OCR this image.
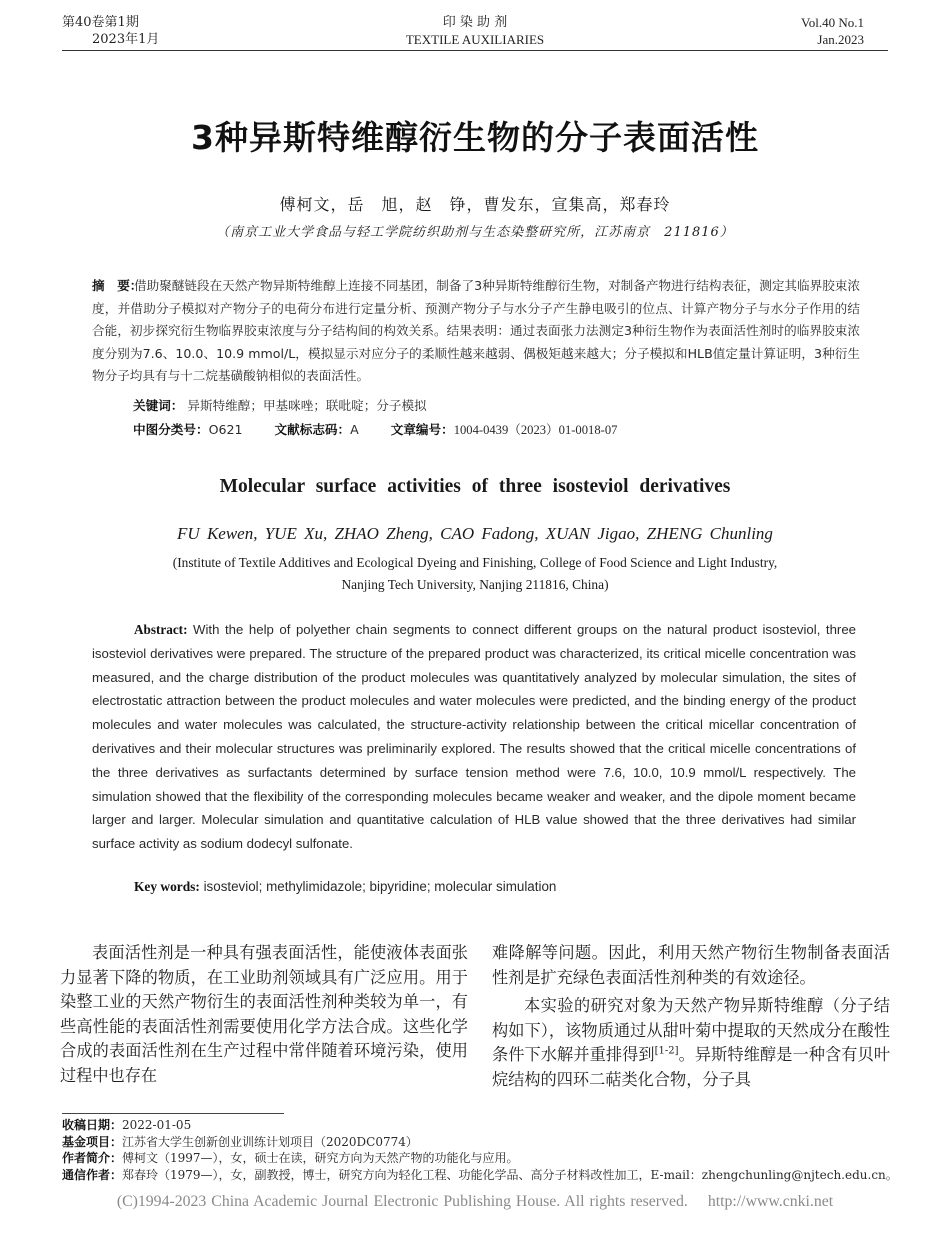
第40卷第1期
2023年1月
印 染 助 剂
TEXTILE AUXILIARIES
Vol.40 No.1
Jan.2023
3种异斯特维醇衍生物的分子表面活性
傅柯文，岳　旭，赵　铮，曹发东，宣集高，郑春玲
（南京工业大学食品与轻工学院纺织助剂与生态染整研究所，江苏南京　211816）
摘　要：
借助聚醚链段在天然产物异斯特维醇上连接不同基团，制备了3种异斯特维醇衍生物，对制备产物进行结构表征，测定其临界胶束浓度，并借助分子模拟对产物分子的电荷分布进行定量分析、预测产物分子与水分子产生静电吸引的位点、计算产物分子与水分子作用的结合能，初步探究衍生物临界胶束浓度与分子结构间的构效关系。结果表明：通过表面张力法测定3种衍生物作为表面活性剂时的临界胶束浓度分别为7.6、10.0、10.9 mmol/L，模拟显示对应分子的柔顺性越来越弱、偶极矩越来越大；分子模拟和HLB值定量计算证明，3种衍生物分子均具有与十二烷基磺酸钠相似的表面活性。
关键词： 异斯特维醇；甲基咪唑；联吡啶；分子模拟
中图分类号：O621	文献标志码：A	文章编号：1004-0439（2023）01-0018-07
Molecular surface activities of three isosteviol derivatives
FU Kewen, YUE Xu, ZHAO Zheng, CAO Fadong, XUAN Jigao, ZHENG Chunling
(Institute of Textile Additives and Ecological Dyeing and Finishing, College of Food Science and Light Industry,
Nanjing Tech University, Nanjing 211816, China)
Abstract: With the help of polyether chain segments to connect different groups on the natural product isosteviol, three isosteviol derivatives were prepared. The structure of the prepared product was characterized, its critical micelle concentration was measured, and the charge distribution of the product molecules was quantitatively analyzed by molecular simulation, the sites of electrostatic attraction between the product molecules and water molecules were predicted, and the binding energy of the product molecules and water molecules was calculated, the structure-activity relationship between the critical micellar concentration of derivatives and their molecular structures was preliminarily explored. The results showed that the critical micelle concentrations of the three derivatives as surfactants determined by surface tension method were 7.6, 10.0, 10.9 mmol/L respectively. The simulation showed that the flexibility of the corresponding molecules became weaker and weaker, and the dipole moment became larger and larger. Molecular simulation and quantitative calculation of HLB value showed that the three derivatives had similar surface activity as sodium dodecyl sulfonate.
Key words: isosteviol; methylimidazole; bipyridine; molecular simulation
表面活性剂是一种具有强表面活性，能使液体表面张力显著下降的物质，在工业助剂领域具有广泛应用。用于染整工业的天然产物衍生的表面活性剂种类较为单一，有些高性能的表面活性剂需要使用化学方法合成。这些化学合成的表面活性剂在生产过程中常伴随着环境污染，使用过程中也存在

难降解等问题。因此，利用天然产物衍生物制备表面活性剂是扩充绿色表面活性剂种类的有效途径。

本实验的研究对象为天然产物异斯特维醇（分子结构如下），该物质通过从甜叶菊中提取的天然成分在酸性条件下水解并重排得到[1-2]。异斯特维醇是一种含有贝叶烷结构的四环二萜类化合物，分子具

收稿日期：2022-01-05
基金项目：江苏省大学生创新创业训练计划项目（2020DC0774）
作者简介：傅柯文（1997—），女，硕士在读，研究方向为天然产物的功能化与应用。
通信作者：郑春玲（1979—），女，副教授，博士，研究方向为轻化工程、功能化学品、高分子材料改性加工，E-mail：zhengchunling@njtech.edu.cn。
(C)1994-2023 China Academic Journal Electronic Publishing House. All rights reserved. http://www.cnki.net
